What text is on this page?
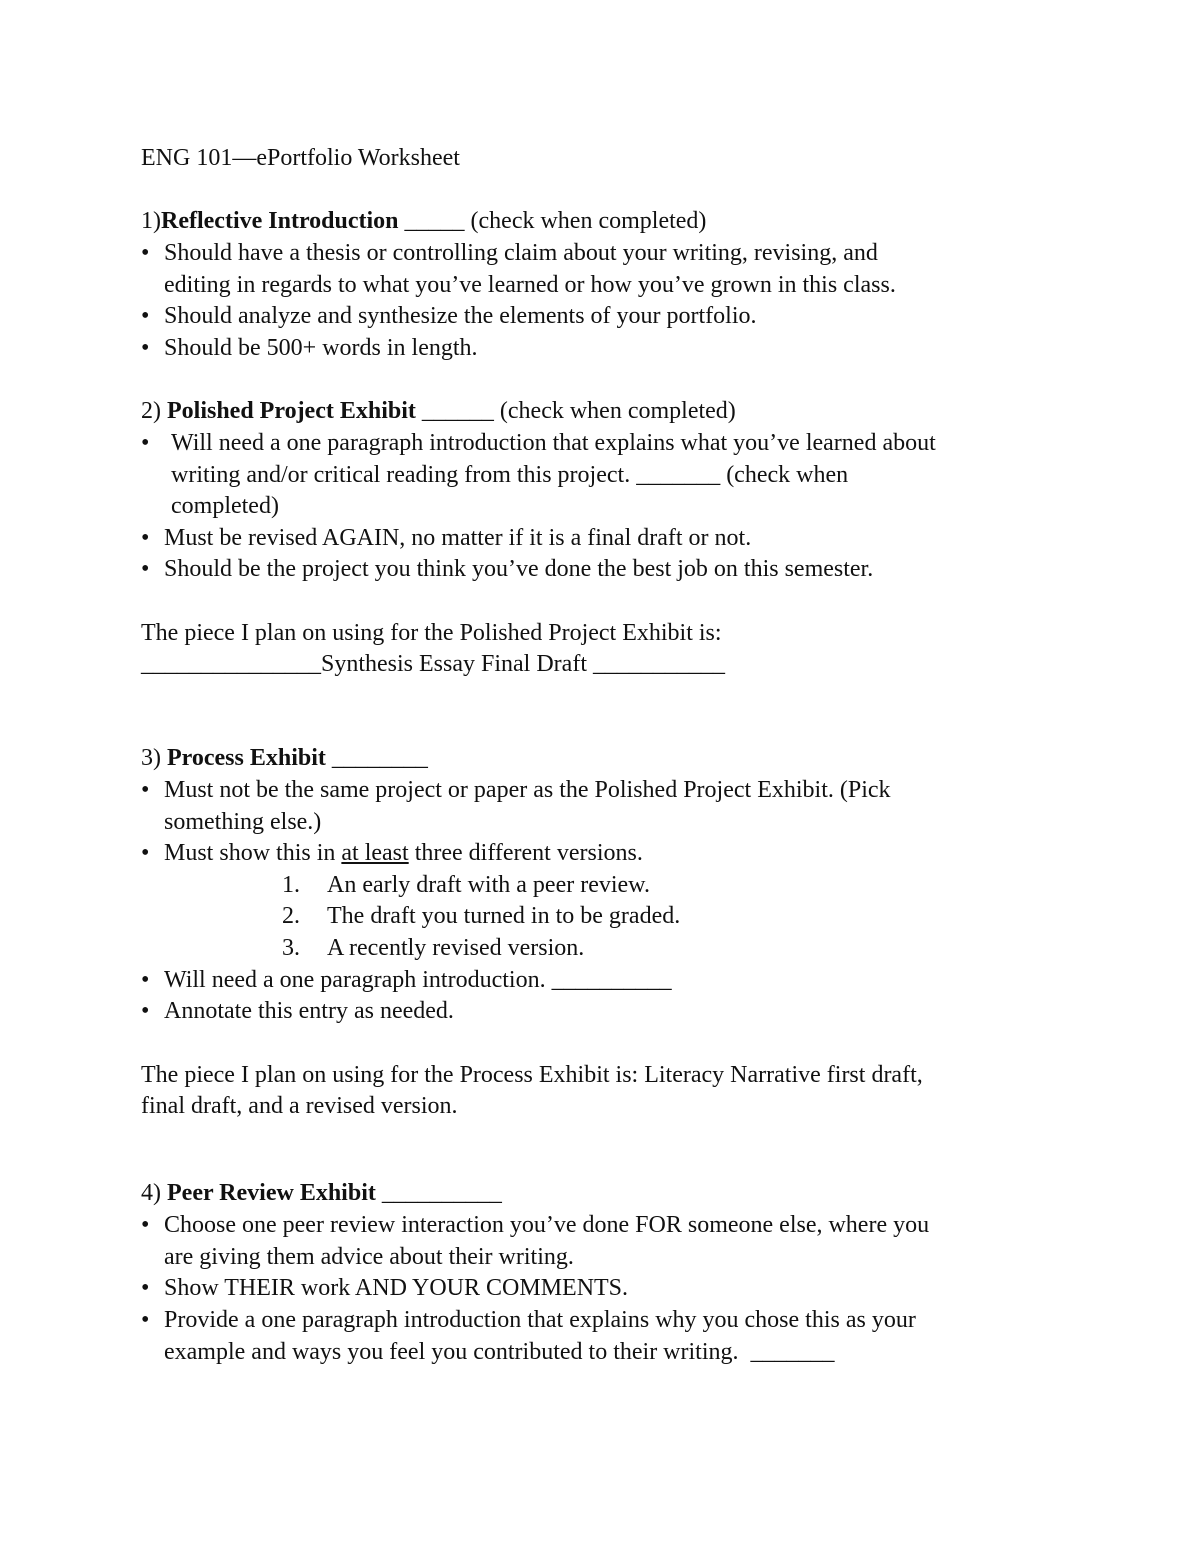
ENG 101—ePortfolio Worksheet
1)Reflective Introduction _____ (check when completed)
• Should have a thesis or controlling claim about your writing, revising, and
editing in regards to what you’ve learned or how you’ve grown in this class.
• Should analyze and synthesize the elements of your portfolio.
• Should be 500+ words in length.
2) Polished Project Exhibit ______ (check when completed)
• Will need a one paragraph introduction that explains what you’ve learned about
writing and/or critical reading from this project. _______ (check when
completed)
• Must be revised AGAIN, no matter if it is a final draft or not.
• Should be the project you think you’ve done the best job on this semester.
The piece I plan on using for the Polished Project Exhibit is:
_______________Synthesis Essay Final Draft ___________
3) Process Exhibit ________
• Must not be the same project or paper as the Polished Project Exhibit. (Pick
something else.)
• Must show this in at least three different versions.
1. An early draft with a peer review.
2. The draft you turned in to be graded.
3. A recently revised version.
• Will need a one paragraph introduction. __________
• Annotate this entry as needed.
The piece I plan on using for the Process Exhibit is: Literacy Narrative first draft,
final draft, and a revised version.
4) Peer Review Exhibit __________
• Choose one peer review interaction you’ve done FOR someone else, where you
are giving them advice about their writing.
• Show THEIR work AND YOUR COMMENTS.
• Provide a one paragraph introduction that explains why you chose this as your
example and ways you feel you contributed to their writing.  _______
